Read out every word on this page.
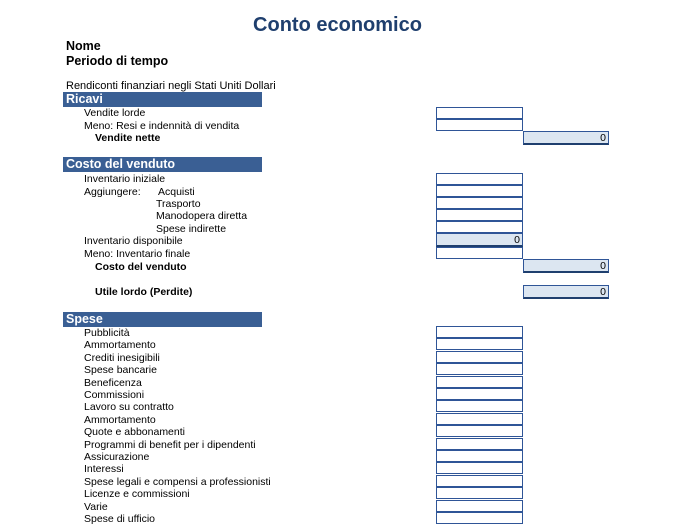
Conto economico
Nome
Periodo di tempo
Rendiconti finanziari negli Stati Uniti Dollari
Ricavi
Vendite lorde
Meno: Resi e indennità di vendita
Vendite nette	0
Costo del venduto
Inventario iniziale
Aggiungere: Acquisti
Trasporto
Manodopera diretta
Spese indirette
Inventario disponibile	0
Meno: Inventario finale
Costo del venduto	0
Utile lordo (Perdite)	0
Spese
Pubblicità
Ammortamento
Crediti inesigibili
Spese bancarie
Beneficenza
Commissioni
Lavoro su contratto
Ammortamento
Quote e abbonamenti
Programmi di benefit per i dipendenti
Assicurazione
Interessi
Spese legali e compensi a professionisti
Licenze e commissioni
Varie
Spese di ufficio
